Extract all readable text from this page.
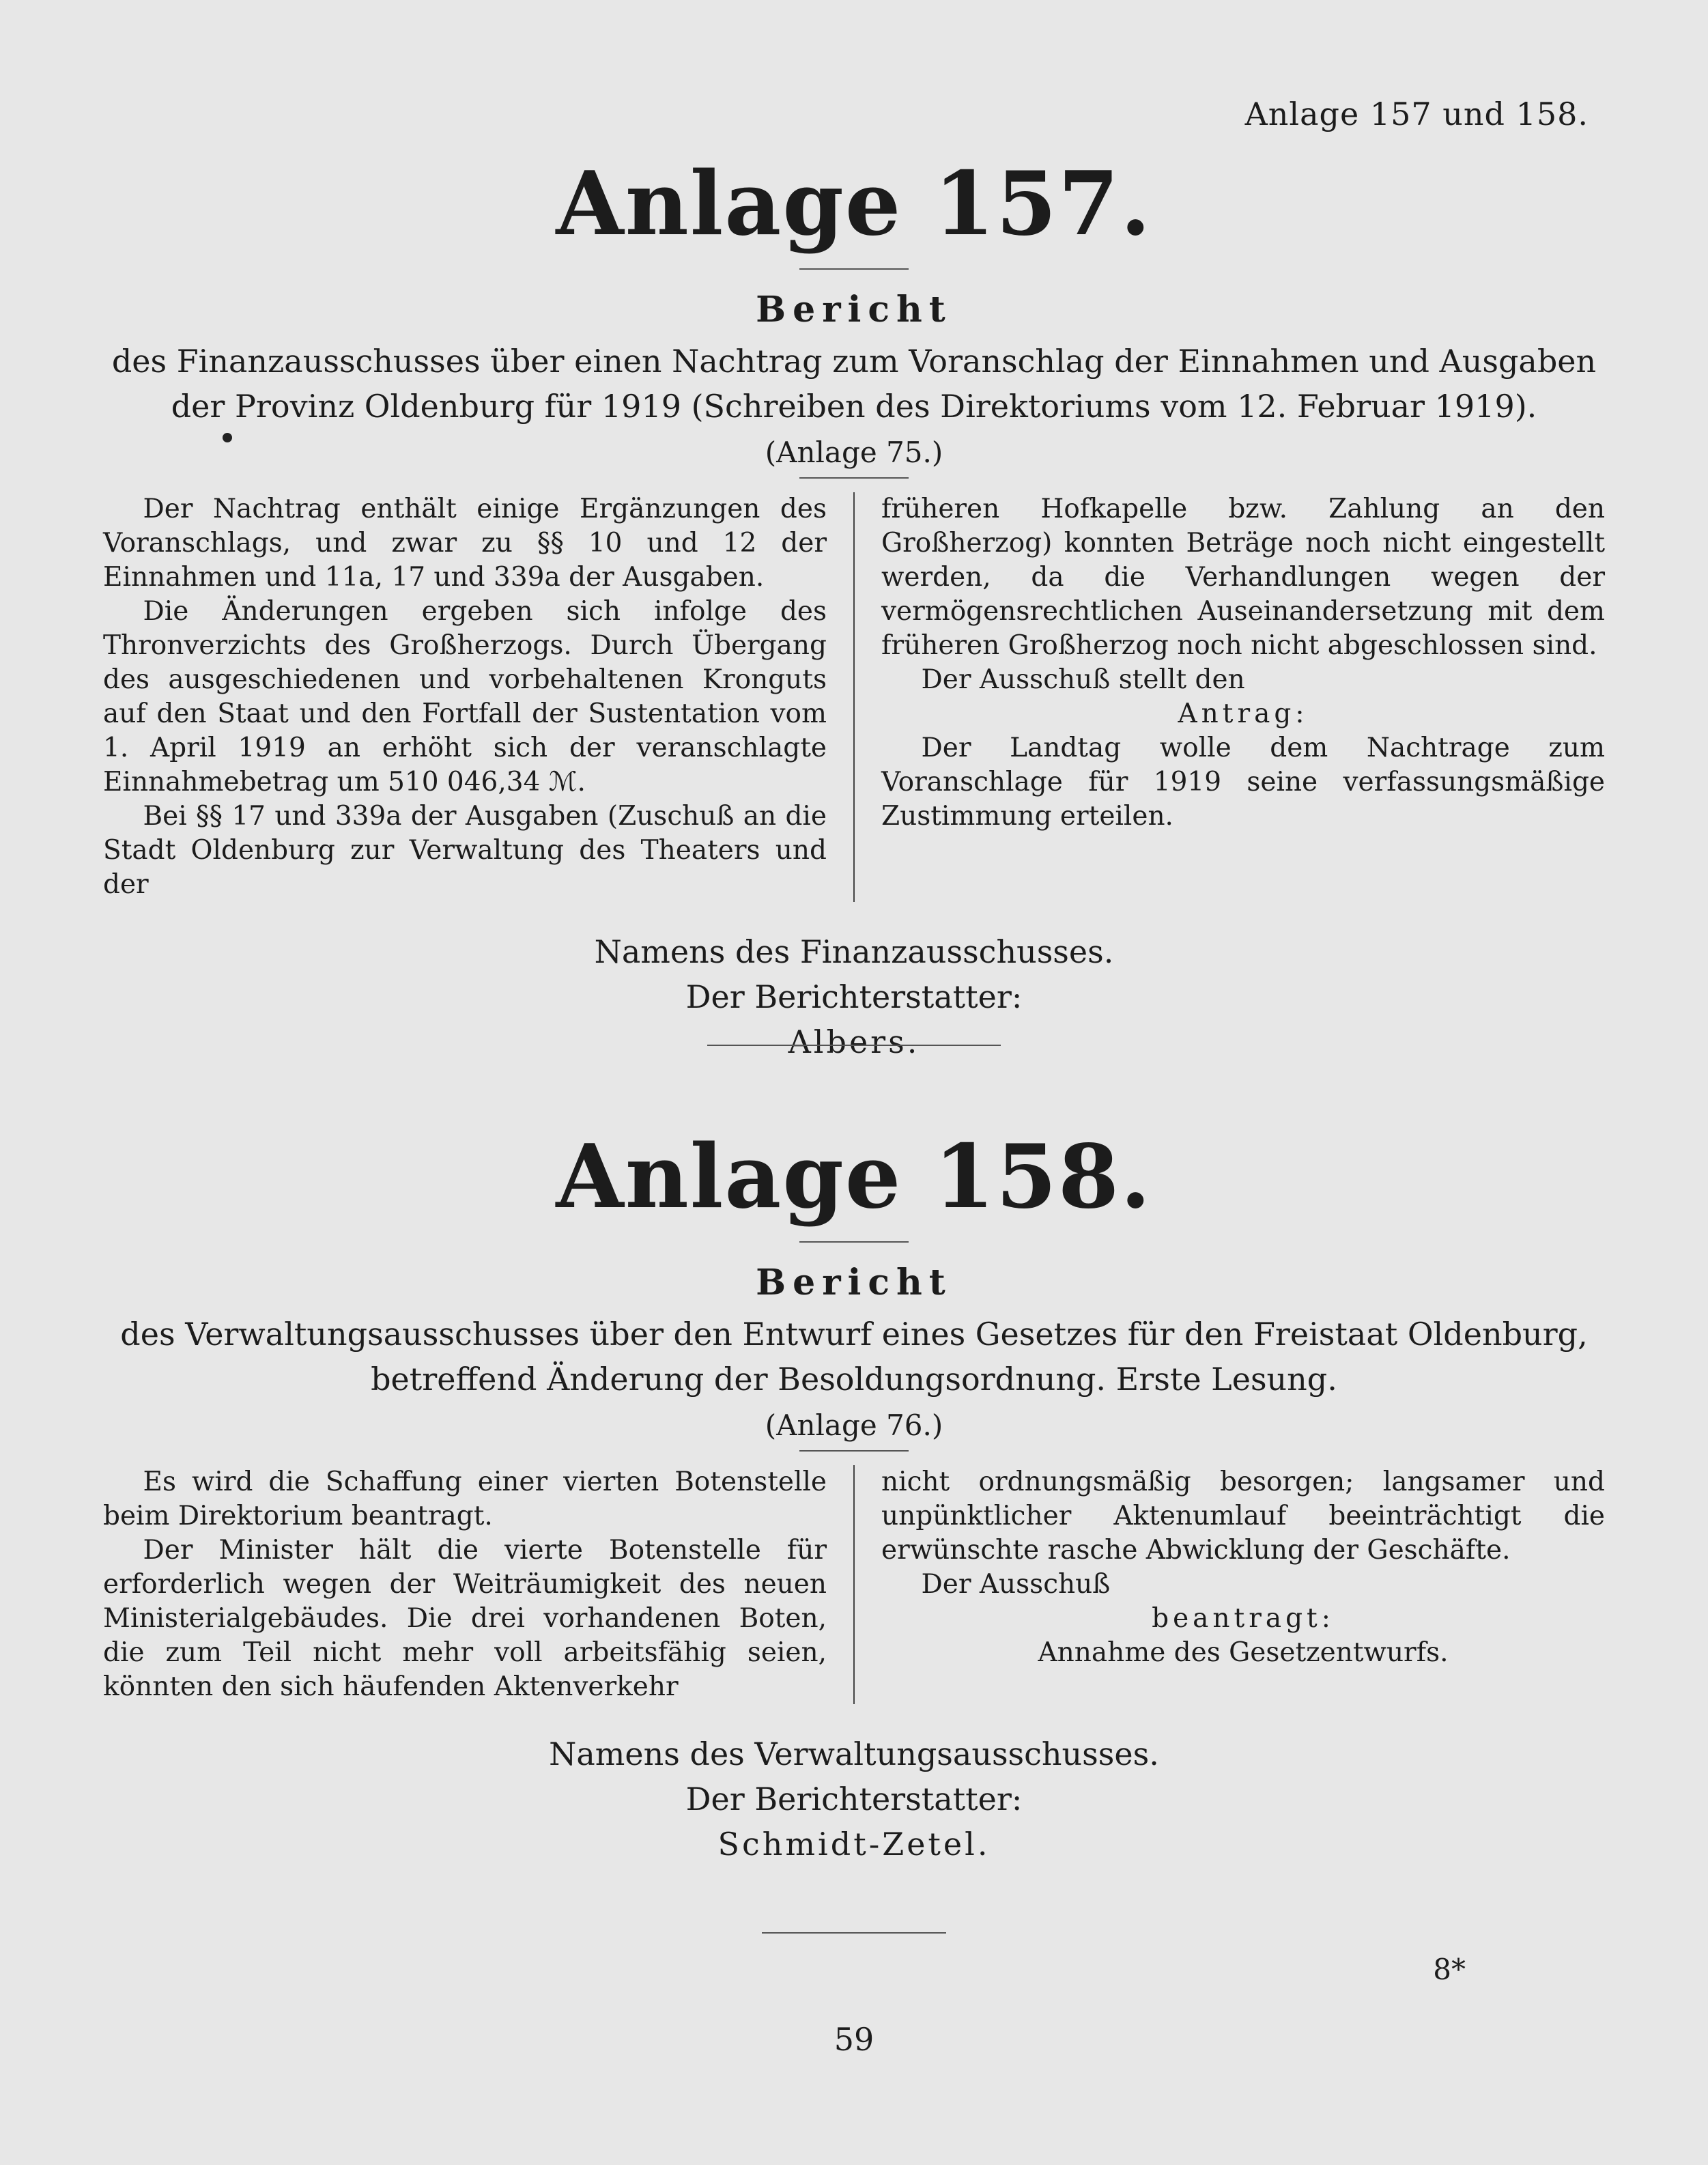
Anlage 157 und 158.
Anlage 157.
Bericht
des Finanzausschusses über einen Nachtrag zum Voranschlag der Einnahmen und Ausgaben der Provinz Oldenburg für 1919 (Schreiben des Direktoriums vom 12. Februar 1919).
(Anlage 75.)

Der Nachtrag enthält einige Ergänzungen des Voranschlags, und zwar zu §§ 10 und 12 der Einnahmen und 11a, 17 und 339a der Ausgaben.

Die Änderungen ergeben sich infolge des Thronverzichts des Großherzogs. Durch Übergang des ausgeschiedenen und vorbehaltenen Kronguts auf den Staat und den Fortfall der Sustentation vom 1. April 1919 an erhöht sich der veranschlagte Einnahmebetrag um 510 046,34 ℳ.

Bei §§ 17 und 339a der Ausgaben (Zuschuß an die Stadt Oldenburg zur Verwaltung des Theaters und der

früheren Hofkapelle bzw. Zahlung an den Großherzog) konnten Beträge noch nicht eingestellt werden, da die Verhandlungen wegen der vermögensrechtlichen Auseinandersetzung mit dem früheren Großherzog noch nicht abgeschlossen sind.

Der Ausschuß stellt den

Antrag:

Der Landtag wolle dem Nachtrage zum Voranschlage für 1919 seine verfassungsmäßige Zustimmung erteilen.

Namens des Finanzausschusses.
Der Berichterstatter:
Albers.
Anlage 158.
Bericht
des Verwaltungsausschusses über den Entwurf eines Gesetzes für den Freistaat Oldenburg, betreffend Änderung der Besoldungsordnung. Erste Lesung.
(Anlage 76.)

Es wird die Schaffung einer vierten Botenstelle beim Direktorium beantragt.

Der Minister hält die vierte Botenstelle für erforderlich wegen der Weiträumigkeit des neuen Ministerialgebäudes. Die drei vorhandenen Boten, die zum Teil nicht mehr voll arbeitsfähig seien, könnten den sich häufenden Aktenverkehr

nicht ordnungsmäßig besorgen; langsamer und unpünktlicher Aktenumlauf beeinträchtigt die erwünschte rasche Abwicklung der Geschäfte.

Der Ausschuß

beantragt:

Annahme des Gesetzentwurfs.

Namens des Verwaltungsausschusses.
Der Berichterstatter:
Schmidt-Zetel.
8*
59
